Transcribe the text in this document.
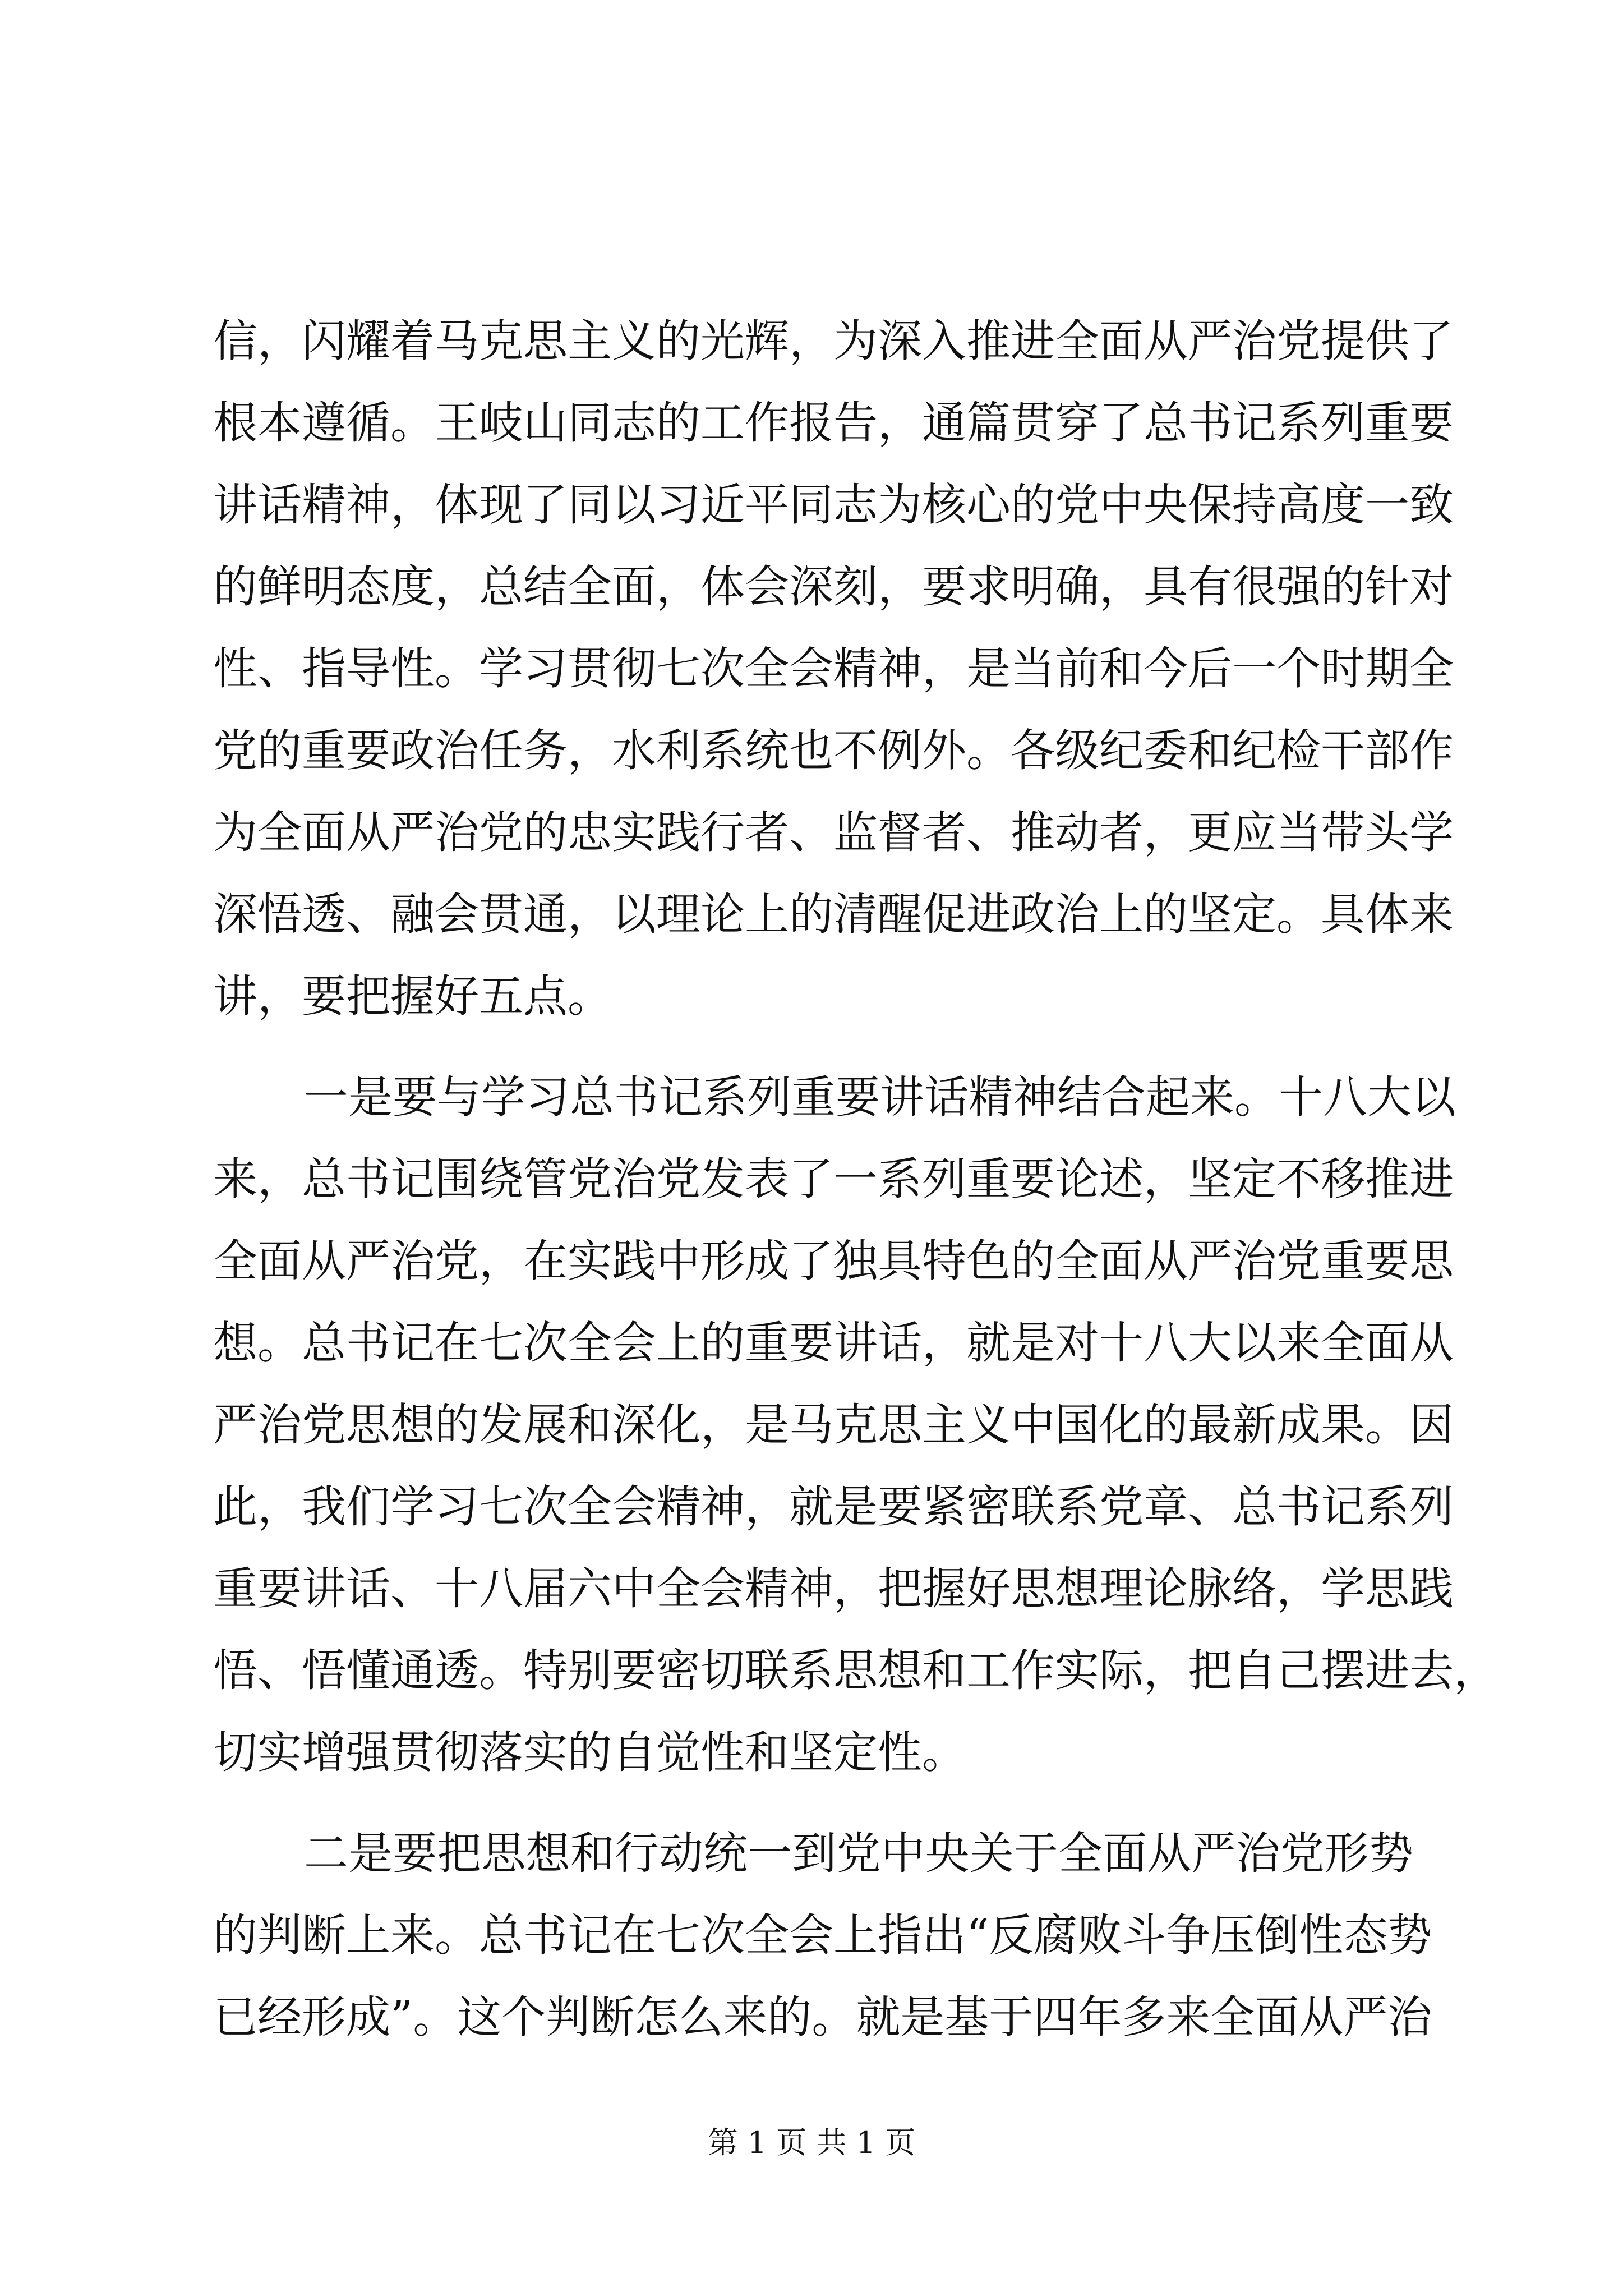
信，闪耀着马克思主义的光辉，为深入推进全面从严治党提供了
根本遵循。王岐山同志的工作报告，通篇贯穿了总书记系列重要
讲话精神，体现了同以习近平同志为核心的党中央保持高度一致
的鲜明态度，总结全面，体会深刻，要求明确，具有很强的针对
性、指导性。学习贯彻七次全会精神，是当前和今后一个时期全
党的重要政治任务，水利系统也不例外。各级纪委和纪检干部作
为全面从严治党的忠实践行者、监督者、推动者，更应当带头学
深悟透、融会贯通，以理论上的清醒促进政治上的坚定。具体来
讲，要把握好五点。
一是要与学习总书记系列重要讲话精神结合起来。十八大以
来，总书记围绕管党治党发表了一系列重要论述，坚定不移推进
全面从严治党，在实践中形成了独具特色的全面从严治党重要思
想。总书记在七次全会上的重要讲话，就是对十八大以来全面从
严治党思想的发展和深化，是马克思主义中国化的最新成果。因
此，我们学习七次全会精神，就是要紧密联系党章、总书记系列
重要讲话、十八届六中全会精神，把握好思想理论脉络，学思践
悟、悟懂通透。特别要密切联系思想和工作实际，把自己摆进去，
切实增强贯彻落实的自觉性和坚定性。
二是要把思想和行动统一到党中央关于全面从严治党形势
的判断上来。总书记在七次全会上指出“反腐败斗争压倒性态势
已经形成”。这个判断怎么来的。就是基于四年多来全面从严治
第 1 页 共 1 页
